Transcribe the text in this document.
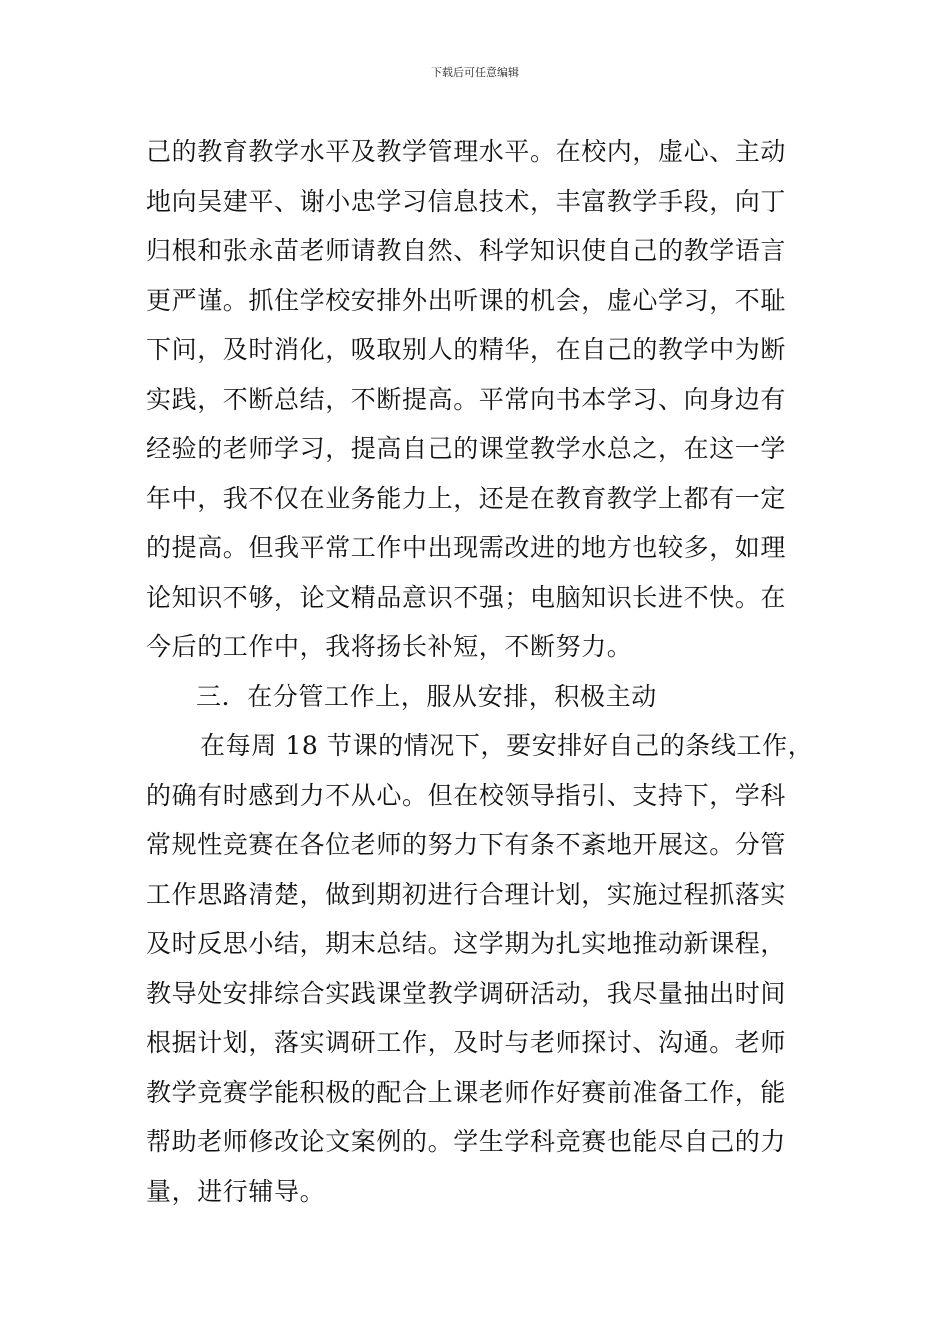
下载后可任意编辑
己的教育教学水平及教学管理水平。在校内，虚心、主动
地向吴建平、谢小忠学习信息技术，丰富教学手段，向丁
归根和张永苗老师请教自然、科学知识使自己的教学语言
更严谨。抓住学校安排外出听课的机会，虚心学习，不耻
下问，及时消化，吸取别人的精华，在自己的教学中为断
实践，不断总结，不断提高。平常向书本学习、向身边有
经验的老师学习，提高自己的课堂教学水总之，在这一学
年中，我不仅在业务能力上，还是在教育教学上都有一定
的提高。但我平常工作中出现需改进的地方也较多，如理
论知识不够，论文精品意识不强；电脑知识长进不快。在
今后的工作中，我将扬长补短，不断努力。
三．在分管工作上，服从安排，积极主动
在每周 18 节课的情况下，要安排好自己的条线工作，
的确有时感到力不从心。但在校领导指引、支持下，学科
常规性竞赛在各位老师的努力下有条不紊地开展这。分管
工作思路清楚，做到期初进行合理计划，实施过程抓落实
及时反思小结，期末总结。这学期为扎实地推动新课程，
教导处安排综合实践课堂教学调研活动，我尽量抽出时间
根据计划，落实调研工作，及时与老师探讨、沟通。老师
教学竞赛学能积极的配合上课老师作好赛前准备工作，能
帮助老师修改论文案例的。学生学科竞赛也能尽自己的力
量，进行辅导。
